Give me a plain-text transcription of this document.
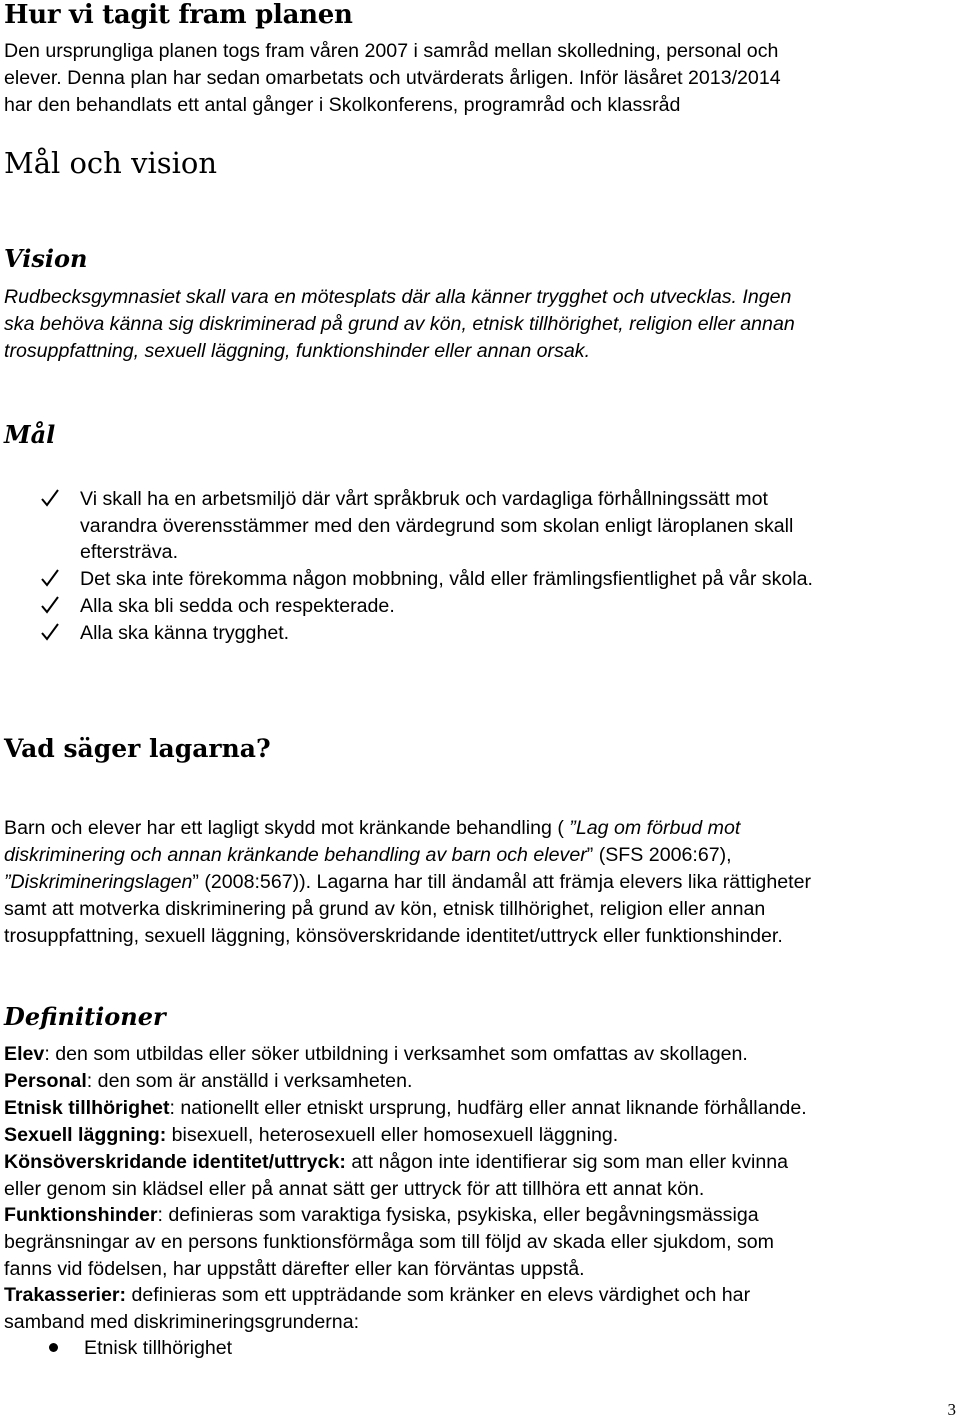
Hur vi tagit fram planen
Den ursprungliga planen togs fram våren 2007 i samråd mellan skolledning, personal och
elever. Denna plan har sedan omarbetats och utvärderats årligen. Inför läsåret 2013/2014
har den behandlats ett antal gånger i Skolkonferens, programråd och klassråd
Mål och vision
Vision
Rudbecksgymnasiet skall vara en mötesplats där alla känner trygghet och utvecklas. Ingen
ska behöva känna sig diskriminerad på grund av kön, etnisk tillhörighet, religion eller annan
trosuppfattning, sexuell läggning, funktionshinder eller annan orsak.
Mål
Vi skall ha en arbetsmiljö där vårt språkbruk och vardagliga förhållningssätt mot
varandra överensstämmer med den värdegrund som skolan enligt läroplanen skall
eftersträva.
Det ska inte förekomma någon mobbning, våld eller främlingsfientlighet på vår skola.
Alla ska bli sedda och respekterade.
Alla ska känna trygghet.
Vad säger lagarna?
Barn och elever har ett lagligt skydd mot kränkande behandling ( ”Lag om förbud mot
diskriminering och annan kränkande behandling av barn och elever” (SFS 2006:67),
”Diskrimineringslagen” (2008:567)). Lagarna har till ändamål att främja elevers lika rättigheter
samt att motverka diskriminering på grund av kön, etnisk tillhörighet, religion eller annan
trosuppfattning, sexuell läggning, könsöverskridande identitet/uttryck eller funktionshinder.
Definitioner
Elev: den som utbildas eller söker utbildning i verksamhet som omfattas av skollagen.
Personal: den som är anställd i verksamheten.
Etnisk tillhörighet: nationellt eller etniskt ursprung, hudfärg eller annat liknande förhållande.
Sexuell läggning: bisexuell, heterosexuell eller homosexuell läggning.
Könsöverskridande identitet/uttryck: att någon inte identifierar sig som man eller kvinna
eller genom sin klädsel eller på annat sätt ger uttryck för att tillhöra ett annat kön.
Funktionshinder: definieras som varaktiga fysiska, psykiska, eller begåvningsmässiga
begränsningar av en persons funktionsförmåga som till följd av skada eller sjukdom, som
fanns vid födelsen, har uppstått därefter eller kan förväntas uppstå.
Trakasserier: definieras som ett uppträdande som kränker en elevs värdighet och har
samband med diskrimineringsgrunderna:
Etnisk tillhörighet
3
